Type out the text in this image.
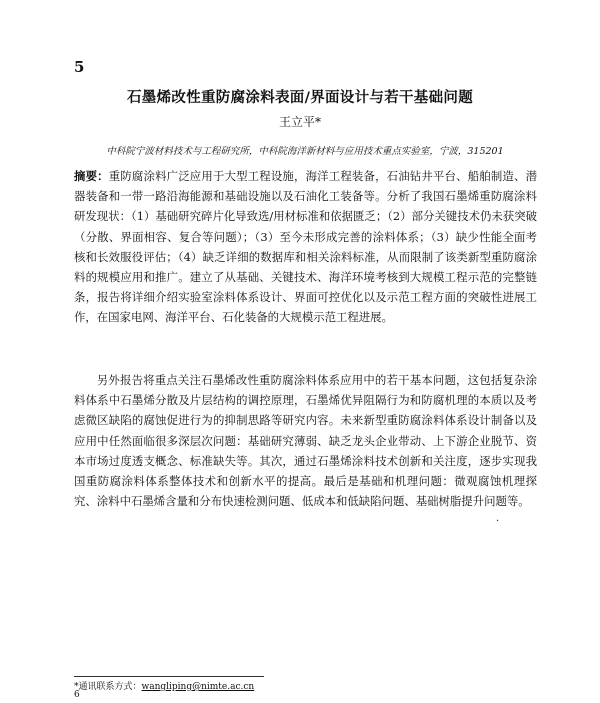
5
石墨烯改性重防腐涂料表面/界面设计与若干基础问题
王立平*
中科院宁波材料技术与工程研究所，中科院海洋新材料与应用技术重点实验室，宁波，315201

摘要：重防腐涂料广泛应用于大型工程设施，海洋工程装备，石油钻井平台、船舶制造、潜器装备和一带一路沿海能源和基础设施以及石油化工装备等。分析了我国石墨烯重防腐涂料研发现状：（1）基础研究碎片化导致选/用材标准和依据匮乏；（2）部分关键技术仍未获突破（分散、界面相容、复合等问题）；（3）至今未形成完善的涂料体系；（3）缺少性能全面考核和长效服役评估；（4）缺乏详细的数据库和相关涂料标准，从而限制了该类新型重防腐涂料的规模应用和推广。建立了从基础、关键技术、海洋环境考核到大规模工程示范的完整链条，报告将详细介绍实验室涂料体系设计、界面可控优化以及示范工程方面的突破性进展工作，在国家电网、海洋平台、石化装备的大规模示范工程进展。

另外报告将重点关注石墨烯改性重防腐涂料体系应用中的若干基本问题，这包括复杂涂料体系中石墨烯分散及片层结构的调控原理，石墨烯优异阻隔行为和防腐机理的本质以及考虑微区缺陷的腐蚀促进行为的抑制思路等研究内容。未来新型重防腐涂料体系设计制备以及应用中任然面临很多深层次问题：基础研究薄弱、缺乏龙头企业带动、上下游企业脱节、资本市场过度透支概念、标准缺失等。其次，通过石墨烯涂料技术创新和关注度，逐步实现我国重防腐涂料体系整体技术和创新水平的提高。最后是基础和机理问题：微观腐蚀机理探究、涂料中石墨烯含量和分布快速检测问题、低成本和低缺陷问题、基础树脂提升问题等。

.
*通讯联系方式：wangliping@nimte.ac.cn
6
